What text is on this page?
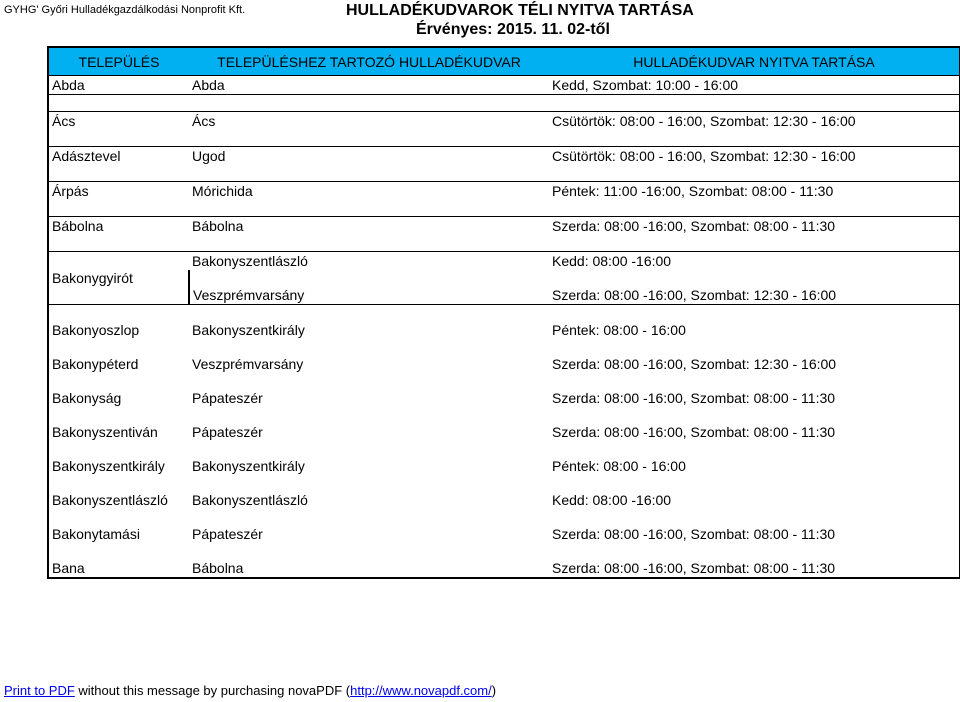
GYHG' Győri Hulladékgazdálkodási Nonprofit Kft.	HULLADÉKUDVAROK TÉLI NYITVA TARTÁSA
Érvényes: 2015. 11. 02-től
TELEPÜLÉS	TELEPÜLÉSHEZ TARTOZÓ HULLADÉKUDVAR	HULLADÉKUDVAR NYITVA TARTÁSA
Abda	Abda	Kedd, Szombat: 10:00 - 16:00

Ács	Ács	Csütörtök: 08:00 - 16:00, Szombat: 12:30 - 16:00

Adásztevel	Ugod	Csütörtök: 08:00 - 16:00, Szombat: 12:30 - 16:00

Árpás	Mórichida	Péntek: 11:00 -16:00, Szombat: 08:00 - 11:30

Bábolna	Bábolna	Szerda: 08:00 -16:00, Szombat: 08:00 - 11:30

Bakonygyirót	Bakonyszentlászló	Kedd: 08:00 -16:00

	Veszprémvarsány	Szerda: 08:00 -16:00, Szombat: 12:30 - 16:00

Bakonyoszlop	Bakonyszentkirály	Péntek: 08:00 - 16:00

Bakonypéterd	Veszprémvarsány	Szerda: 08:00 -16:00, Szombat: 12:30 - 16:00

Bakonyság	Pápateszér	Szerda: 08:00 -16:00, Szombat: 08:00 - 11:30

Bakonyszentiván	Pápateszér	Szerda: 08:00 -16:00, Szombat: 08:00 - 11:30

Bakonyszentkirály	Bakonyszentkirály	Péntek: 08:00 - 16:00

Bakonyszentlászló	Bakonyszentlászló	Kedd: 08:00 -16:00

Bakonytamási	Pápateszér	Szerda: 08:00 -16:00, Szombat: 08:00 - 11:30

Bana	Bábolna	Szerda: 08:00 -16:00, Szombat: 08:00 - 11:30
Print to PDF without this message by purchasing novaPDF (http://www.novapdf.com/)
